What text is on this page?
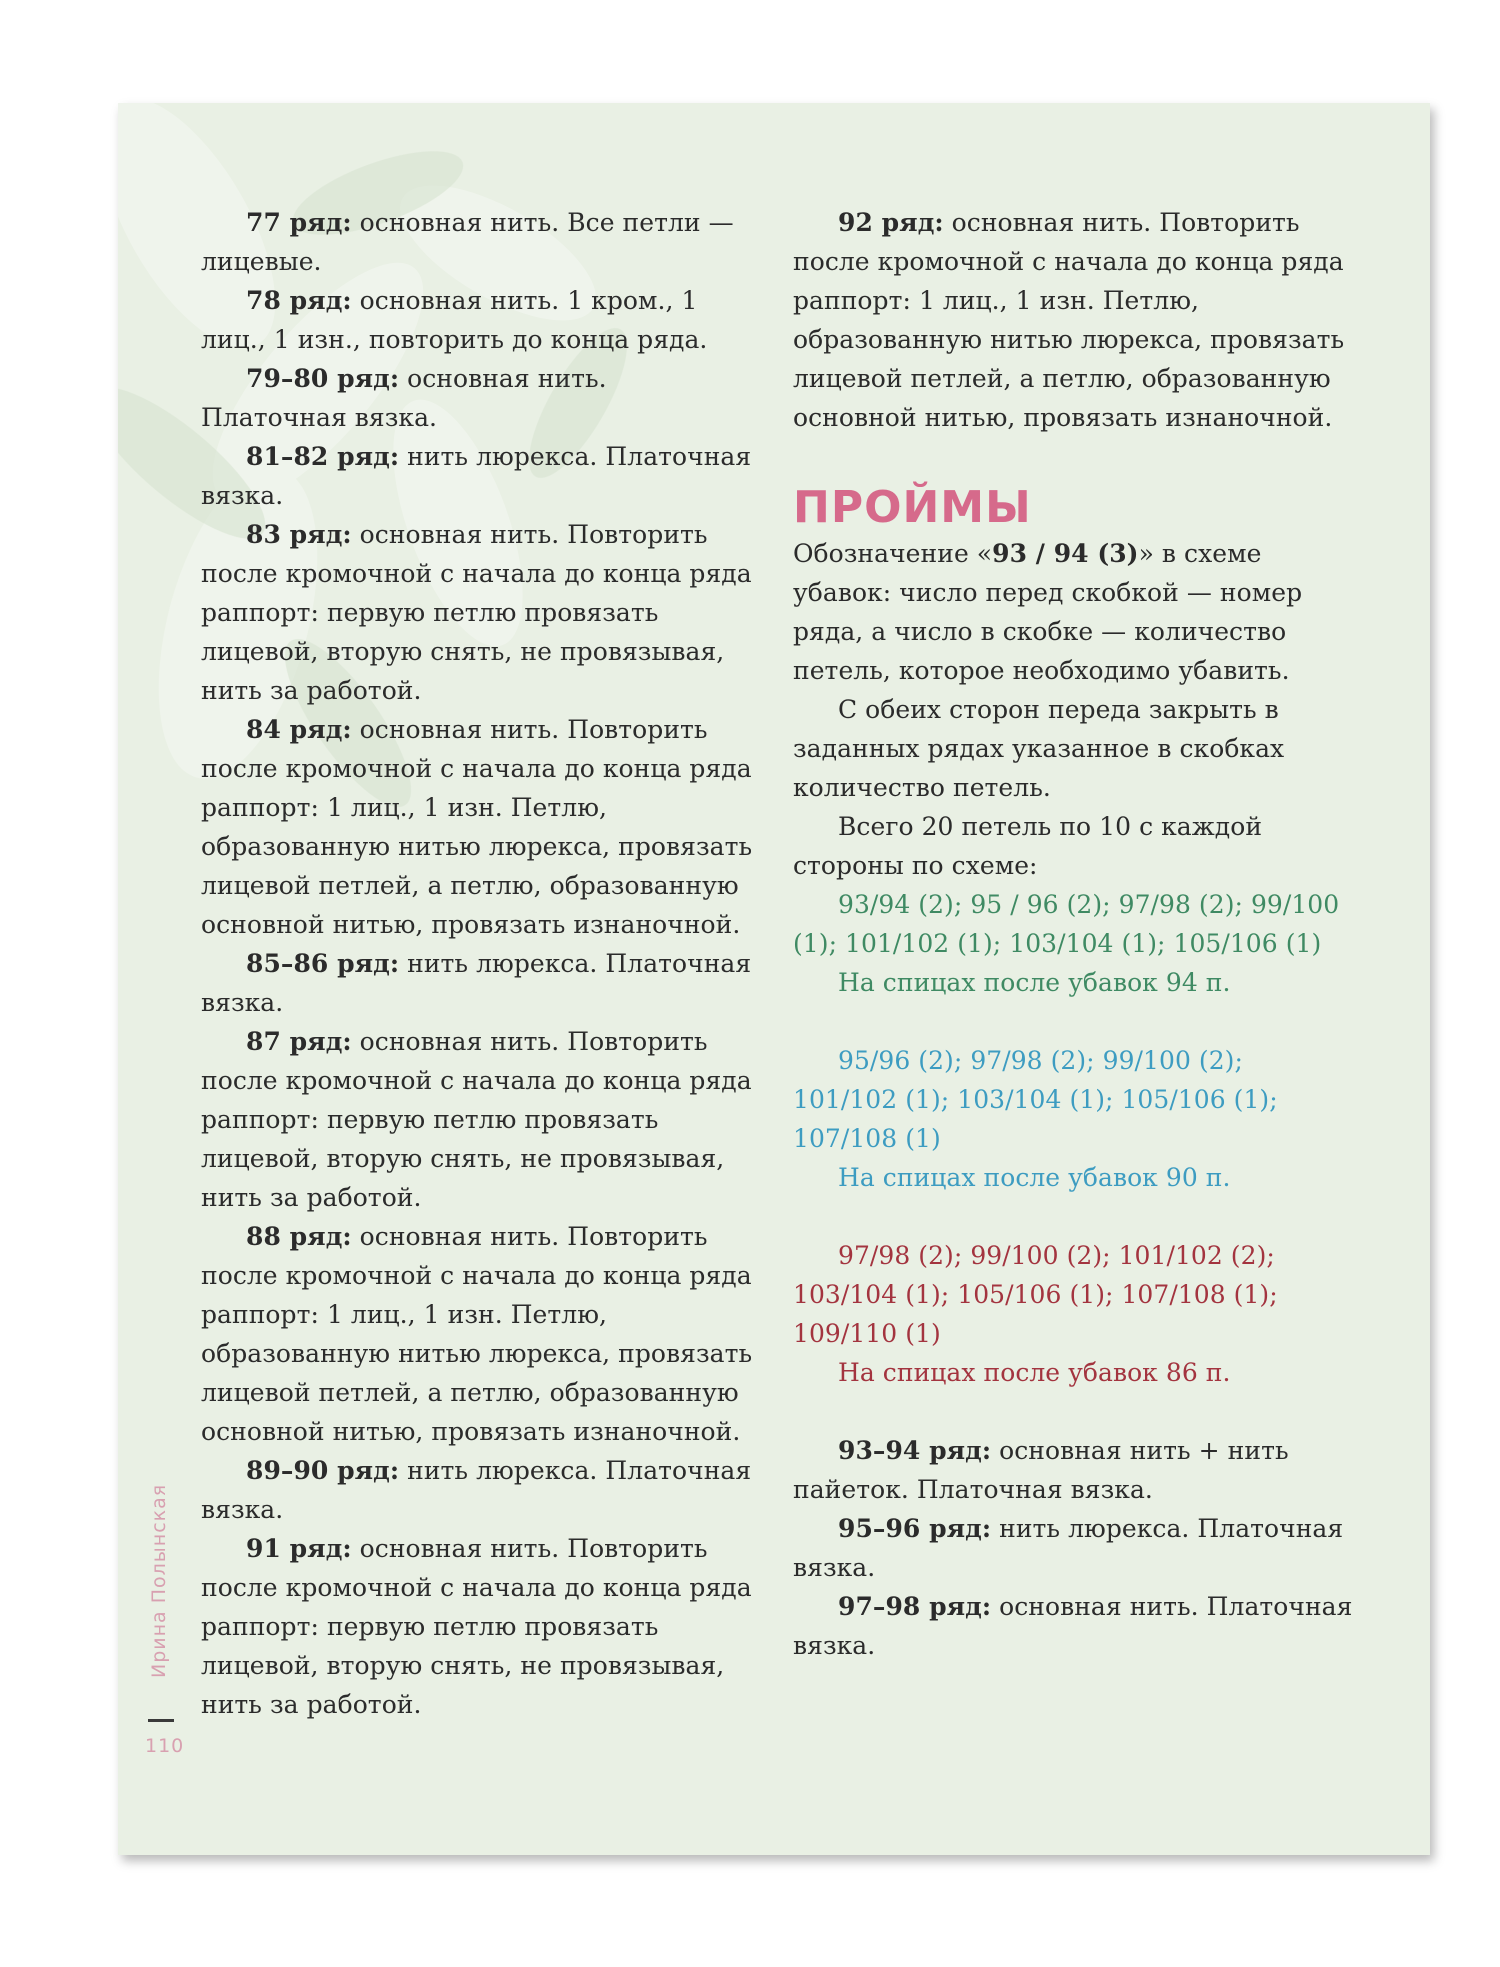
77 ряд: основная нить. Все петли — лицевые.

78 ряд: основная нить. 1 кром., 1 лиц., 1 изн., повторить до конца ряда.

79–80 ряд: основная нить. Платочная вязка.

81–82 ряд: нить люрекса. Платочная вязка.

83 ряд: основная нить. Повторить после кромочной с начала до конца ряда раппорт: первую петлю провязать лицевой, вторую снять, не провязывая, нить за работой.

84 ряд: основная нить. Повторить после кромочной с начала до конца ряда раппорт: 1 лиц., 1 изн. Петлю, образованную нитью люрекса, провязать лицевой петлей, а петлю, образованную основной нитью, провязать изнаночной.

85–86 ряд: нить люрекса. Платочная вязка.

87 ряд: основная нить. Повторить после кромочной с начала до конца ряда раппорт: первую петлю провязать лицевой, вторую снять, не провязывая, нить за работой.

88 ряд: основная нить. Повторить после кромочной с начала до конца ряда раппорт: 1 лиц., 1 изн. Петлю, образованную нитью люрекса, провязать лицевой петлей, а петлю, образованную основной нитью, провязать изнаночной.

89–90 ряд: нить люрекса. Платочная вязка.

91 ряд: основная нить. Повторить после кромочной с начала до конца ряда раппорт: первую петлю провязать лицевой, вторую снять, не провязывая, нить за работой.

92 ряд: основная нить. Повторить после кромочной с начала до конца ряда раппорт: 1 лиц., 1 изн. Петлю, образованную нитью люрекса, провязать лицевой петлей, а петлю, образованную основной нитью, провязать изнаночной.

ПРОЙМЫ

Обозначение «93 / 94 (3)» в схеме убавок: число перед скобкой — номер ряда, а число в скобке — количество петель, которое необходимо убавить.

С обеих сторон переда закрыть в заданных рядах указанное в скобках количество петель.

Всего 20 петель по 10 с каждой стороны по схеме:

93/94 (2); 95 / 96 (2); 97/98 (2); 99/100 (1); 101/102 (1); 103/104 (1); 105/106 (1)

На спицах после убавок 94 п.

95/96 (2); 97/98 (2); 99/100 (2); 101/102 (1); 103/104 (1); 105/106 (1); 107/108 (1)

На спицах после убавок 90 п.

97/98 (2); 99/100 (2); 101/102 (2); 103/104 (1); 105/106 (1); 107/108 (1); 109/110 (1)

На спицах после убавок 86 п.

93–94 ряд: основная нить + нить пайеток. Платочная вязка.

95–96 ряд: нить люрекса. Платочная вязка.

97–98 ряд: основная нить. Платочная вязка.

Ирина Полынская
110
